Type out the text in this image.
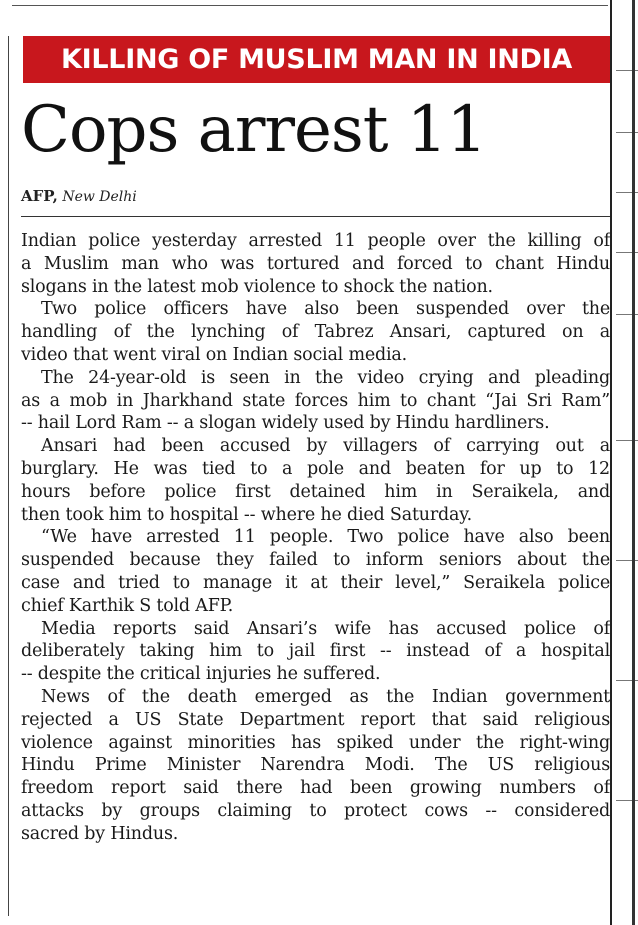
KILLING OF MUSLIM MAN IN INDIA
Cops arrest 11
AFP, New Delhi

Indian police yesterday arrested 11 people over the killing of
a Muslim man who was tortured and forced to chant Hindu
slogans in the latest mob violence to shock the nation.

Two police officers have also been suspended over the
handling of the lynching of Tabrez Ansari, captured on a
video that went viral on Indian social media.

The 24-year-old is seen in the video crying and pleading
as a mob in Jharkhand state forces him to chant “Jai Sri Ram”
-- hail Lord Ram -- a slogan widely used by Hindu hardliners.

Ansari had been accused by villagers of carrying out a
burglary. He was tied to a pole and beaten for up to 12
hours before police first detained him in Seraikela, and
then took him to hospital -- where he died Saturday.

“We have arrested 11 people. Two police have also been
suspended because they failed to inform seniors about the
case and tried to manage it at their level,” Seraikela police
chief Karthik S told AFP.

Media reports said Ansari’s wife has accused police of
deliberately taking him to jail first -- instead of a hospital
-- despite the critical injuries he suffered.

News of the death emerged as the Indian government
rejected a US State Department report that said religious
violence against minorities has spiked under the right-wing
Hindu Prime Minister Narendra Modi. The US religious
freedom report said there had been growing numbers of
attacks by groups claiming to protect cows -- considered
sacred by Hindus.
